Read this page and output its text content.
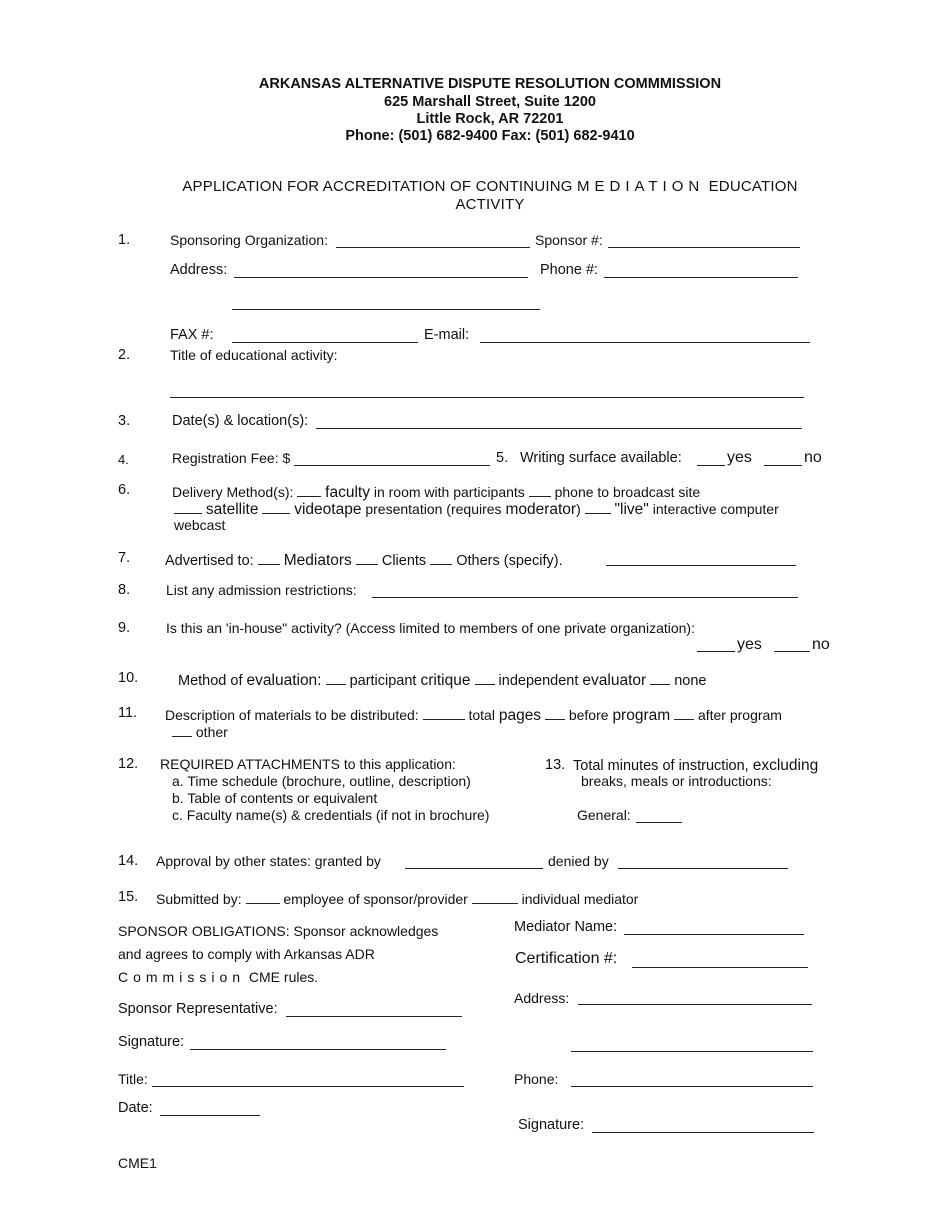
ARKANSAS ALTERNATIVE DISPUTE RESOLUTION COMMMISSION
625 Marshall Street, Suite 1200
Little Rock, AR 72201
Phone: (501) 682-9400 Fax: (501) 682-9410
APPLICATION FOR ACCREDITATION OF CONTINUING MEDIATION EDUCATION
ACTIVITY
1.	Sponsoring Organization:	Sponsor #:
Address:	Phone #:
FAX #:	E-mail:
2.	Title of educational activity:
3.	Date(s) & location(s):
4.	Registration Fee: $	5. Writing surface available:	yes	no
6.	Delivery Method(s): faculty in room with participants phone to broadcast site
satellite videotape presentation (requires moderator)  "live" interactive computer
webcast
7. Advertised to:  Mediators Clients Others (specify).
8.	List any admission restrictions:
9.	Is this an 'in-house" activity? (Access limited to members of one private organization):
yes	no
10.	Method of evaluation: participant critique independent evaluator none
11. Description of materials to be distributed:	total pages before program after program
other
12. REQUIRED ATTACHMENTS to this application:
a. Time schedule (brochure, outline, description)
b. Table of contents or equivalent
c. Faculty name(s) & credentials (if not in brochure)
13. Total minutes of instruction, excluding
breaks, meals or introductions:
General:
14. Approval by other states: granted by	denied by
15. Submitted by:	employee of sponsor/provider	individual mediator
SPONSOR OBLIGATIONS: Sponsor acknowledges
and agrees to comply with Arkansas ADR
Commission CME rules.
Sponsor Representative:
Signature:
Title:
Date:
Mediator Name:
Certification #:
Address:
Phone:
Signature:
CME1
